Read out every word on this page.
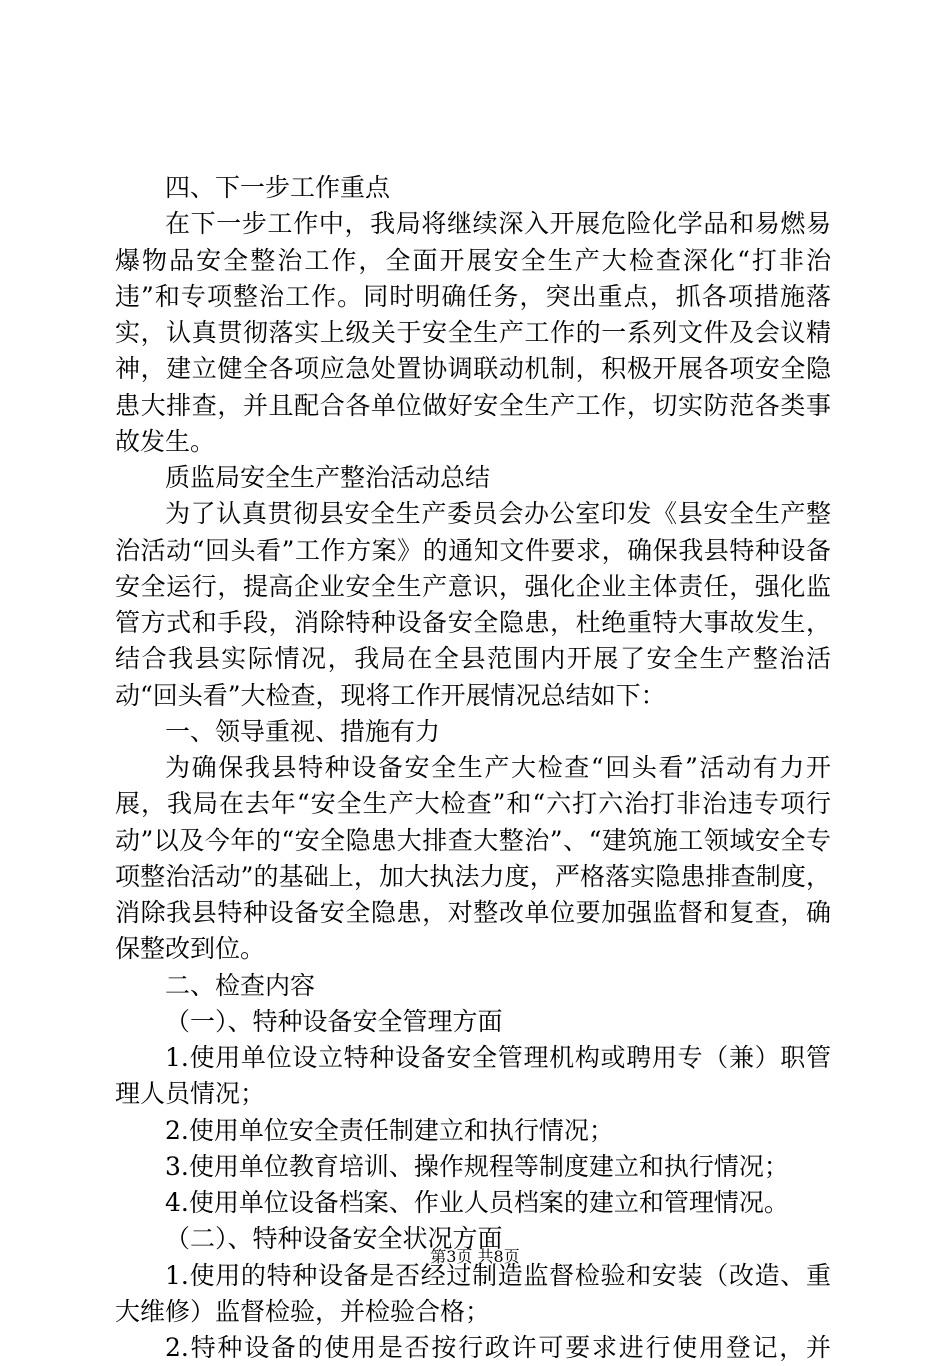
四、下一步工作重点

在下一步工作中，我局将继续深入开展危险化学品和易燃易爆物品安全整治工作，全面开展安全生产大检查深化“打非治违”和专项整治工作。同时明确任务，突出重点，抓各项措施落实，认真贯彻落实上级关于安全生产工作的一系列文件及会议精神，建立健全各项应急处置协调联动机制，积极开展各项安全隐患大排查，并且配合各单位做好安全生产工作，切实防范各类事故发生。

质监局安全生产整治活动总结

为了认真贯彻县安全生产委员会办公室印发《县安全生产整治活动“回头看”工作方案》的通知文件要求，确保我县特种设备安全运行，提高企业安全生产意识，强化企业主体责任，强化监管方式和手段，消除特种设备安全隐患，杜绝重特大事故发生，结合我县实际情况，我局在全县范围内开展了安全生产整治活动“回头看”大检查，现将工作开展情况总结如下：

一、领导重视、措施有力

为确保我县特种设备安全生产大检查“回头看”活动有力开展，我局在去年“安全生产大检查”和“六打六治打非治违专项行动”以及今年的“安全隐患大排查大整治”、“建筑施工领域安全专项整治活动”的基础上，加大执法力度，严格落实隐患排查制度，消除我县特种设备安全隐患，对整改单位要加强监督和复查，确保整改到位。

二、检查内容

（一）、特种设备安全管理方面

1.使用单位设立特种设备安全管理机构或聘用专（兼）职管理人员情况；

2.使用单位安全责任制建立和执行情况；

3.使用单位教育培训、操作规程等制度建立和执行情况；

4.使用单位设备档案、作业人员档案的建立和管理情况。

（二）、特种设备安全状况方面

1.使用的特种设备是否经过制造监督检验和安装（改造、重大维修）监督检验，并检验合格；

2.特种设备的使用是否按行政许可要求进行使用登记，并

第3页 共8页
